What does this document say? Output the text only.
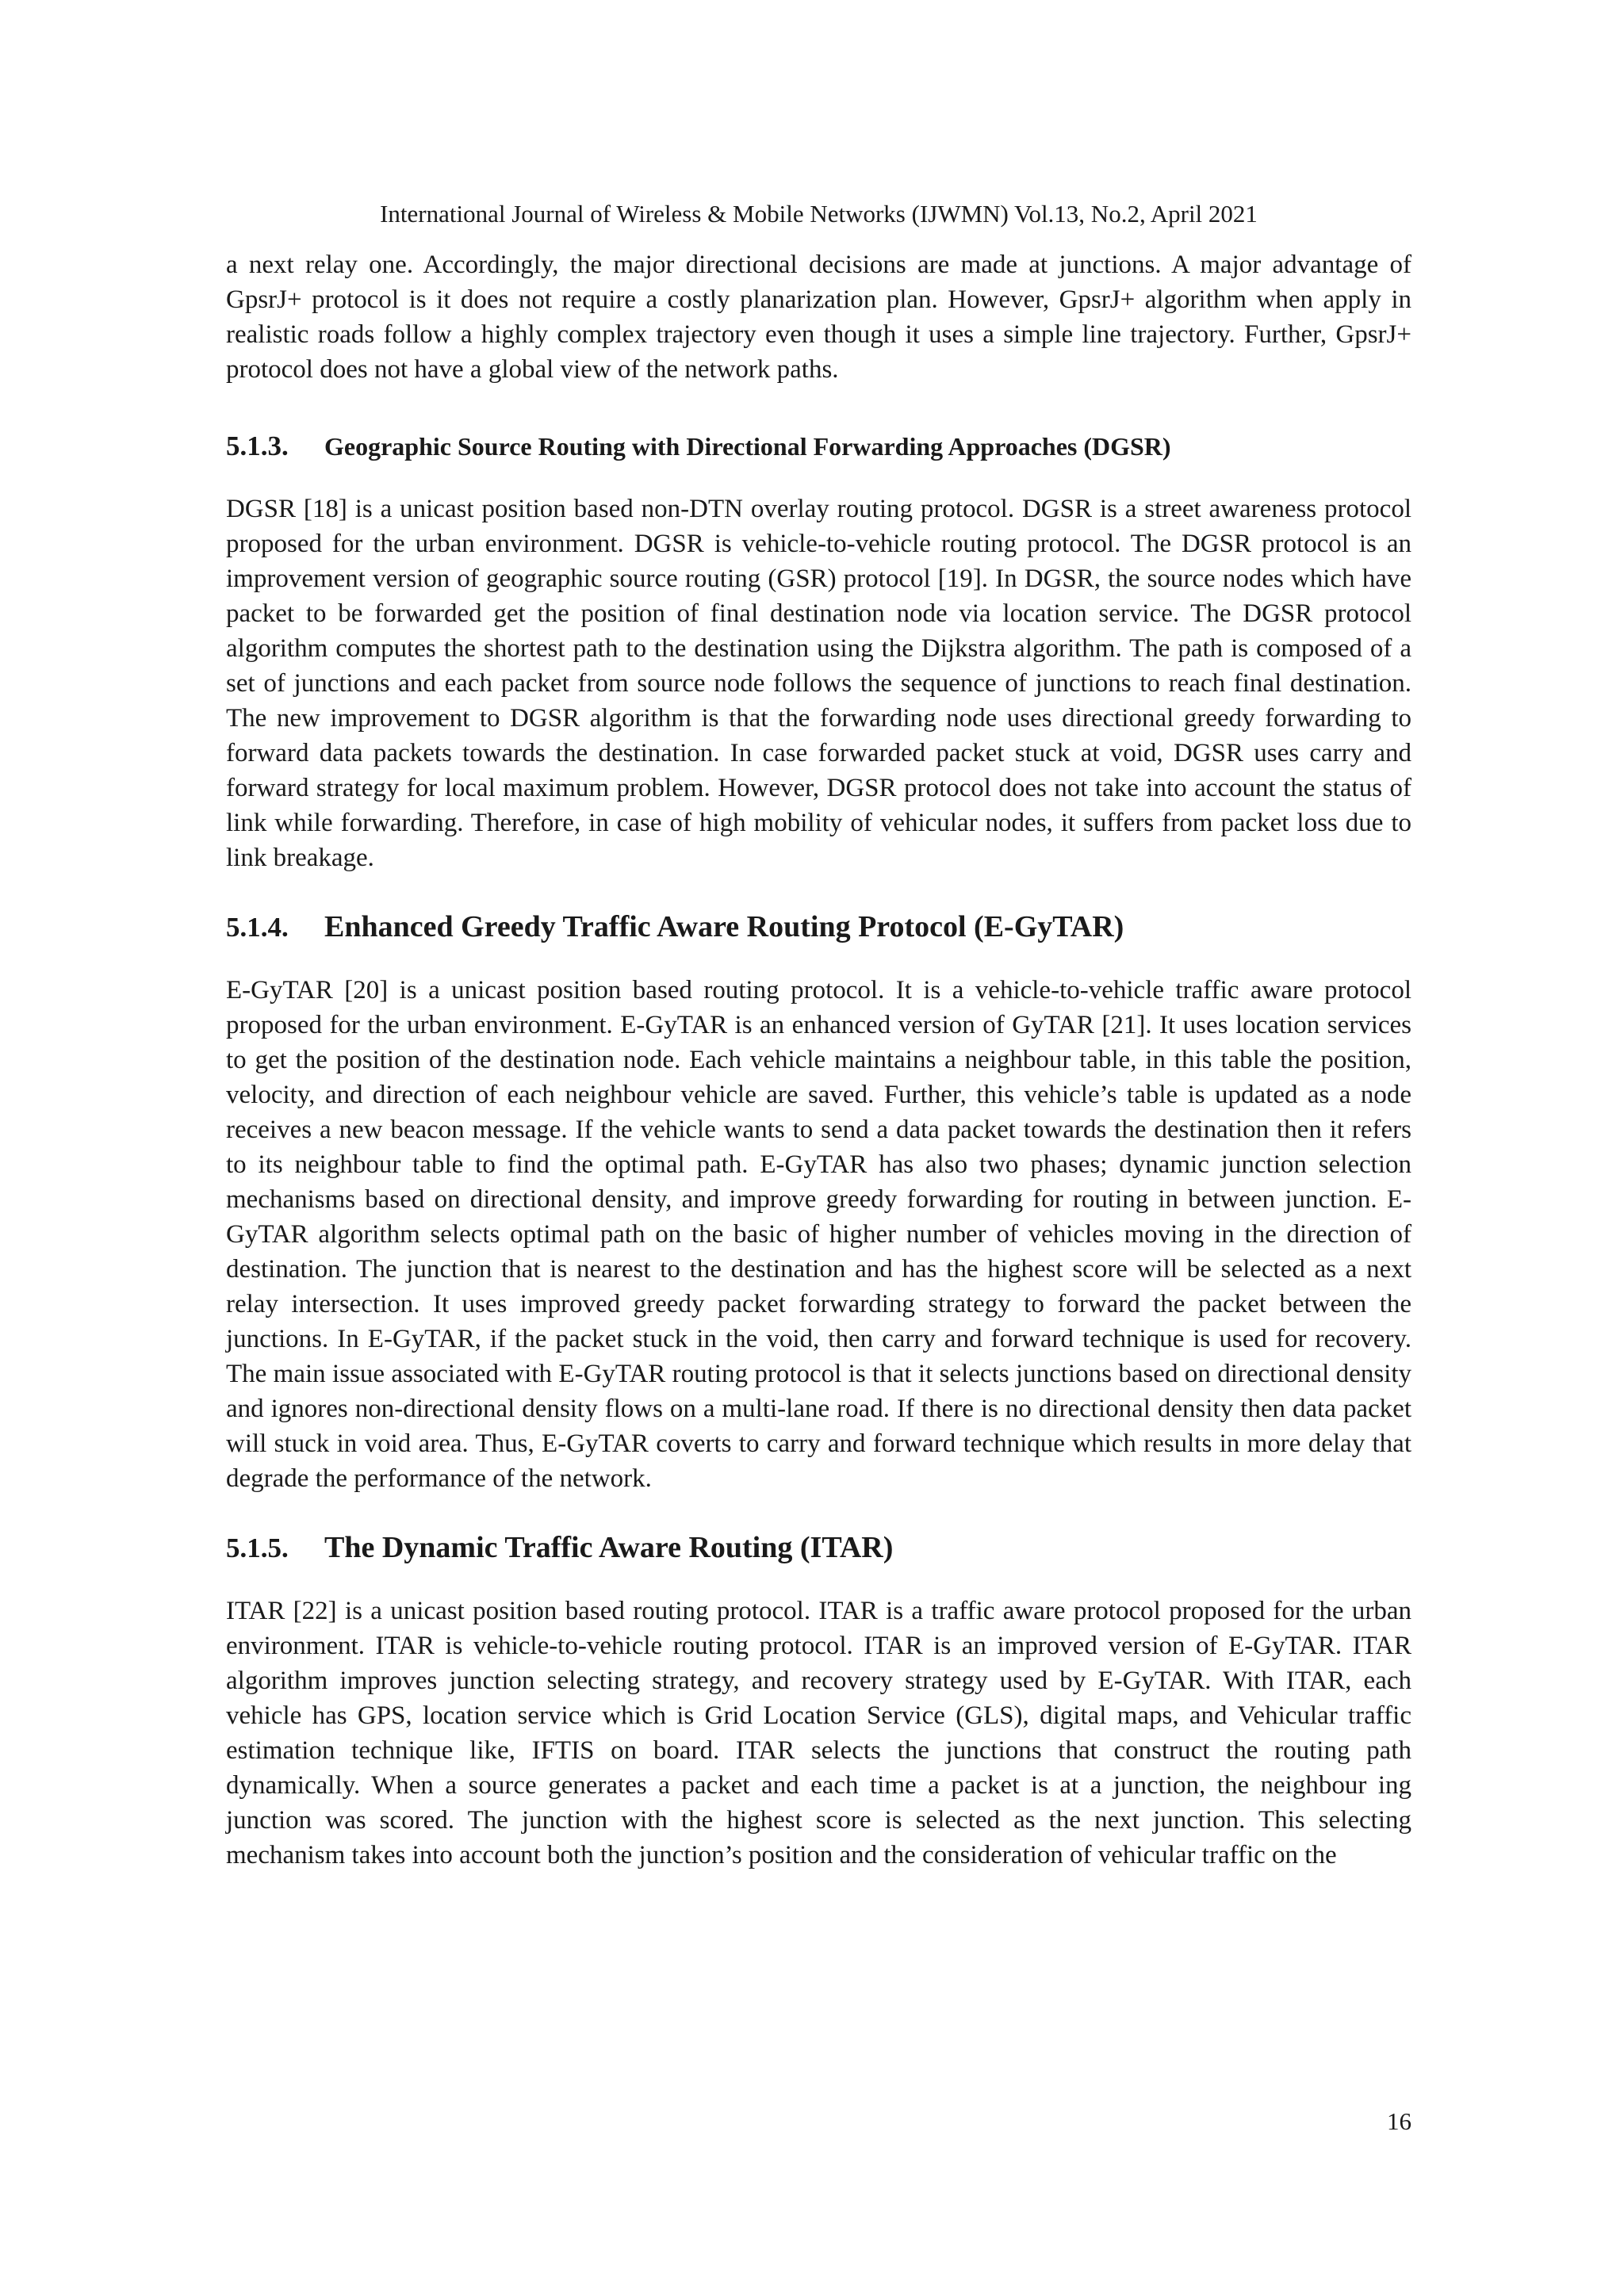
International Journal of Wireless & Mobile Networks (IJWMN) Vol.13, No.2, April 2021

a next relay one. Accordingly, the major directional decisions are made at junctions. A major advantage of GpsrJ+ protocol is it does not require a costly planarization plan. However, GpsrJ+ algorithm when apply in realistic roads follow a highly complex trajectory even though it uses a simple line trajectory. Further, GpsrJ+ protocol does not have a global view of the network paths.

5.1.3. Geographic Source Routing with Directional Forwarding Approaches (DGSR)

DGSR [18] is a unicast position based non-DTN overlay routing protocol. DGSR is a street awareness protocol proposed for the urban environment. DGSR is vehicle-to-vehicle routing protocol. The DGSR protocol is an improvement version of geographic source routing (GSR) protocol [19]. In DGSR, the source nodes which have packet to be forwarded get the position of final destination node via location service. The DGSR protocol algorithm computes the shortest path to the destination using the Dijkstra algorithm. The path is composed of a set of junctions and each packet from source node follows the sequence of junctions to reach final destination. The new improvement to DGSR algorithm is that the forwarding node uses directional greedy forwarding to forward data packets towards the destination. In case forwarded packet stuck at void, DGSR uses carry and forward strategy for local maximum problem. However, DGSR protocol does not take into account the status of link while forwarding. Therefore, in case of high mobility of vehicular nodes, it suffers from packet loss due to link breakage.

5.1.4. Enhanced Greedy Traffic Aware Routing Protocol (E-GyTAR)

E-GyTAR [20] is a unicast position based routing protocol. It is a vehicle-to-vehicle traffic aware protocol proposed for the urban environment. E-GyTAR is an enhanced version of GyTAR [21]. It uses location services to get the position of the destination node. Each vehicle maintains a neighbour table, in this table the position, velocity, and direction of each neighbour vehicle are saved. Further, this vehicle’s table is updated as a node receives a new beacon message. If the vehicle wants to send a data packet towards the destination then it refers to its neighbour table to find the optimal path. E-GyTAR has also two phases; dynamic junction selection mechanisms based on directional density, and improve greedy forwarding for routing in between junction. E-GyTAR algorithm selects optimal path on the basic of higher number of vehicles moving in the direction of destination. The junction that is nearest to the destination and has the highest score will be selected as a next relay intersection. It uses improved greedy packet forwarding strategy to forward the packet between the junctions. In E-GyTAR, if the packet stuck in the void, then carry and forward technique is used for recovery. The main issue associated with E-GyTAR routing protocol is that it selects junctions based on directional density and ignores non-directional density flows on a multi-lane road. If there is no directional density then data packet will stuck in void area. Thus, E-GyTAR coverts to carry and forward technique which results in more delay that degrade the performance of the network.

5.1.5. The Dynamic Traffic Aware Routing (ITAR)

ITAR [22] is a unicast position based routing protocol. ITAR is a traffic aware protocol proposed for the urban environment. ITAR is vehicle-to-vehicle routing protocol. ITAR is an improved version of E-GyTAR. ITAR algorithm improves junction selecting strategy, and recovery strategy used by E-GyTAR. With ITAR, each vehicle has GPS, location service which is Grid Location Service (GLS), digital maps, and Vehicular traffic estimation technique like, IFTIS on board. ITAR selects the junctions that construct the routing path dynamically. When a source generates a packet and each time a packet is at a junction, the neighbour ing junction was scored. The junction with the highest score is selected as the next junction. This selecting mechanism takes into account both the junction’s position and the consideration of vehicular traffic on the

16
